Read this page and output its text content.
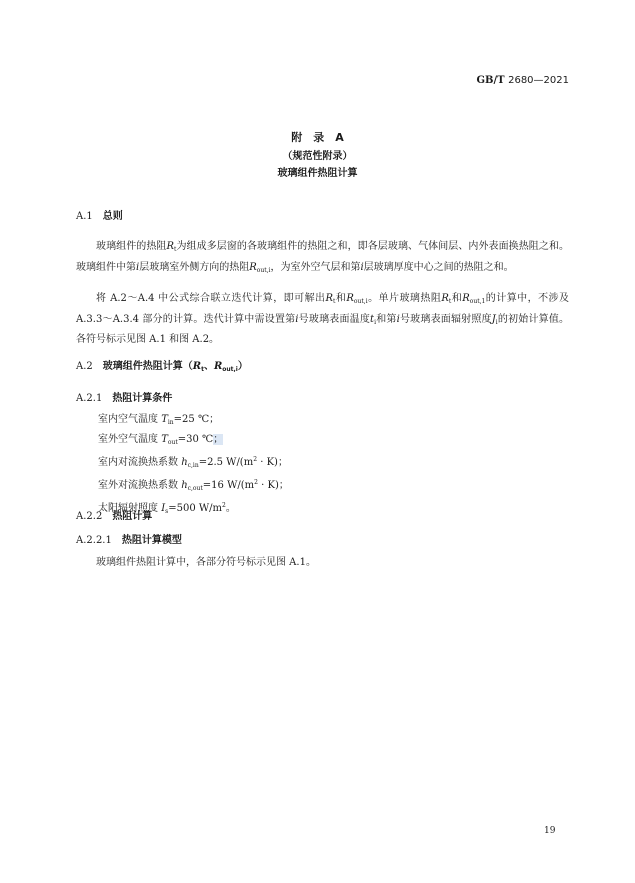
GB/T 2680—2021
附　录　A
（规范性附录）
玻璃组件热阻计算
A.1 总则

玻璃组件的热阻$R_t$为组成多层窗的各玻璃组件的热阻之和，即各层玻璃、气体间层、内外表面换热阻之和。玻璃组件中第i层玻璃室外侧方向的热阻$R_{out,i}$，为室外空气层和第i层玻璃厚度中心之间的热阻之和。

将 A.2～A.4 中公式综合联立迭代计算，即可解出$R_t$和$R_{out,i}$。单片玻璃热阻$R_t$和$R_{out,1}$的计算中，不涉及 A.3.3～A.3.4 部分的计算。迭代计算中需设置第i号玻璃表面温度$t_i$和第i号玻璃表面辐射照度$J_i$的初始计算值。各符号标示见图 A.1 和图 A.2。

A.2 玻璃组件热阻计算（$R_t$、$R_{out,i}$）
A.2.1 热阻计算条件
室内空气温度 $T_{in}=25$ ℃；
室外空气温度 $T_{out}=30$ ℃；
室内对流换热系数 $h_{c,in}=2.5$ $W/(m^2 \cdot K)$；
室外对流换热系数 $h_{c,out}=16$ $W/(m^2 \cdot K)$；
太阳辐射照度 $I_s=500$ $W/m^2$。
A.2.2 热阻计算
A.2.2.1 热阻计算模型

玻璃组件热阻计算中，各部分符号标示见图 A.1。

19
